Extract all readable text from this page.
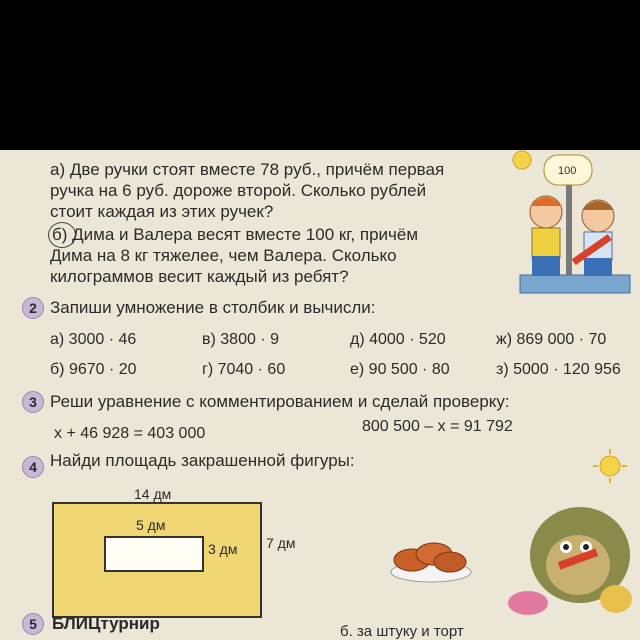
а) Две ручки стоят вместе 78 руб., причём первая
ручка на 6 руб. дороже второй. Сколько рублей
стоит каждая из этих ручек?
б) Дима и Валера весят вместе 100 кг, причём
Дима на 8 кг тяжелее, чем Валера. Сколько
килограммов весит каждый из ребят?
100
2 Запиши умножение в столбик и вычисли:
а) 3000 · 46	в) 3800 · 9	д) 4000 · 520	ж) 869 000 · 70
б) 9670 · 20	г) 7040 · 60	е) 90 500 · 80	з) 5000 · 120 956
3 Реши уравнение с комментированием и сделай проверку:
x + 46 928 = 403 000	800 500 – x = 91 792
4 Найди площадь закрашенной фигуры:
14 дм
5 дм
3 дм 7 дм
5 БЛИЦтурнир	б. за штуку и торт
